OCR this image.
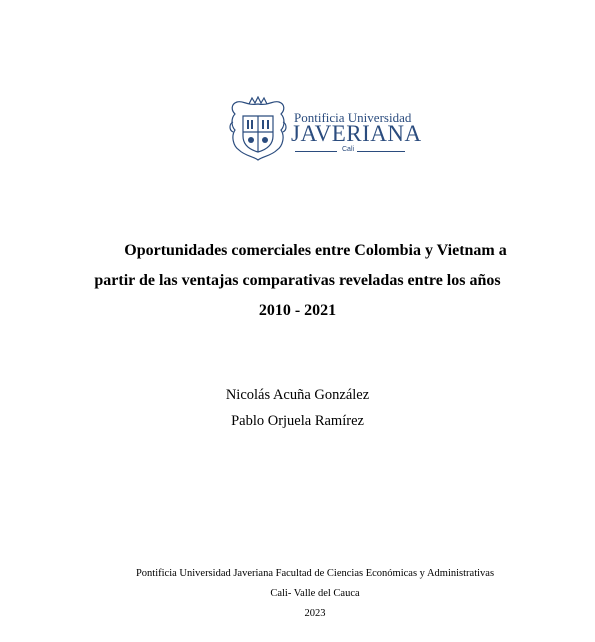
Pontificia Universidad
JAVERIANA
Cali
Oportunidades comerciales entre Colombia y Vietnam a
partir de las ventajas comparativas reveladas entre los años
2010 - 2021
Nicolás Acuña González
Pablo Orjuela Ramírez
Pontificia Universidad Javeriana Facultad de Ciencias Económicas y Administrativas
Cali- Valle del Cauca
2023
